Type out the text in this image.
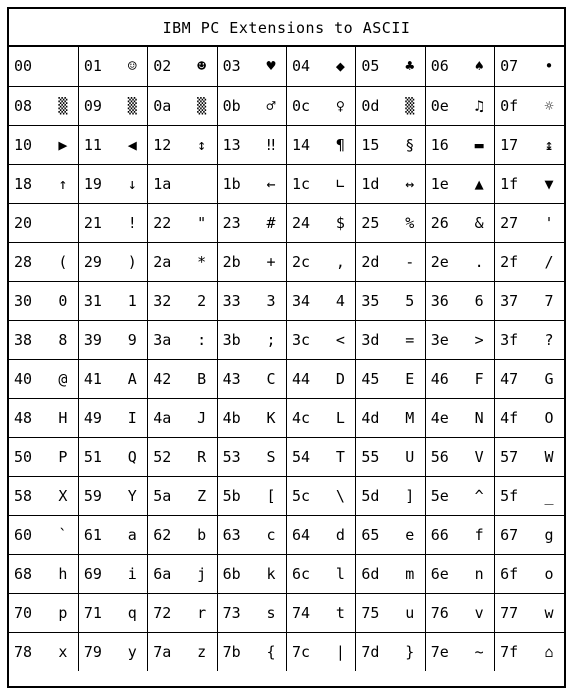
IBM PC Extensions to ASCII
00	01 ☺	02 ☻	03 ♥	04 ◆	05 ♣	06 ♠	07 •

08 ▒	09 ▒	0a ▒	0b ♂	0c ♀	0d ▒	0e ♫	0f ☼

10 ▶	11 ◀	12 ↕	13 ‼	14 ¶	15 §	16 ▬	17 ↨

18 ↑	19 ↓	1a	1b ←	1c ∟	1d ↔	1e ▲	1f ▼

20	21 !	22 "	23 #	24 $	25 %	26 &	27 '

28 (	29 )	2a *	2b +	2c ,	2d -	2e .	2f /

30 0	31 1	32 2	33 3	34 4	35 5	36 6	37 7

38 8	39 9	3a :	3b ;	3c <	3d =	3e >	3f ?

40 @	41 A	42 B	43 C	44 D	45 E	46 F	47 G

48 H	49 I	4a J	4b K	4c L	4d M	4e N	4f O

50 P	51 Q	52 R	53 S	54 T	55 U	56 V	57 W

58 X	59 Y	5a Z	5b [	5c \	5d ]	5e ^	5f _

60 `	61 a	62 b	63 c	64 d	65 e	66 f	67 g

68 h	69 i	6a j	6b k	6c l	6d m	6e n	6f o

70 p	71 q	72 r	73 s	74 t	75 u	76 v	77 w

78 x	79 y	7a z	7b {	7c |	7d }	7e ~	7f ⌂
